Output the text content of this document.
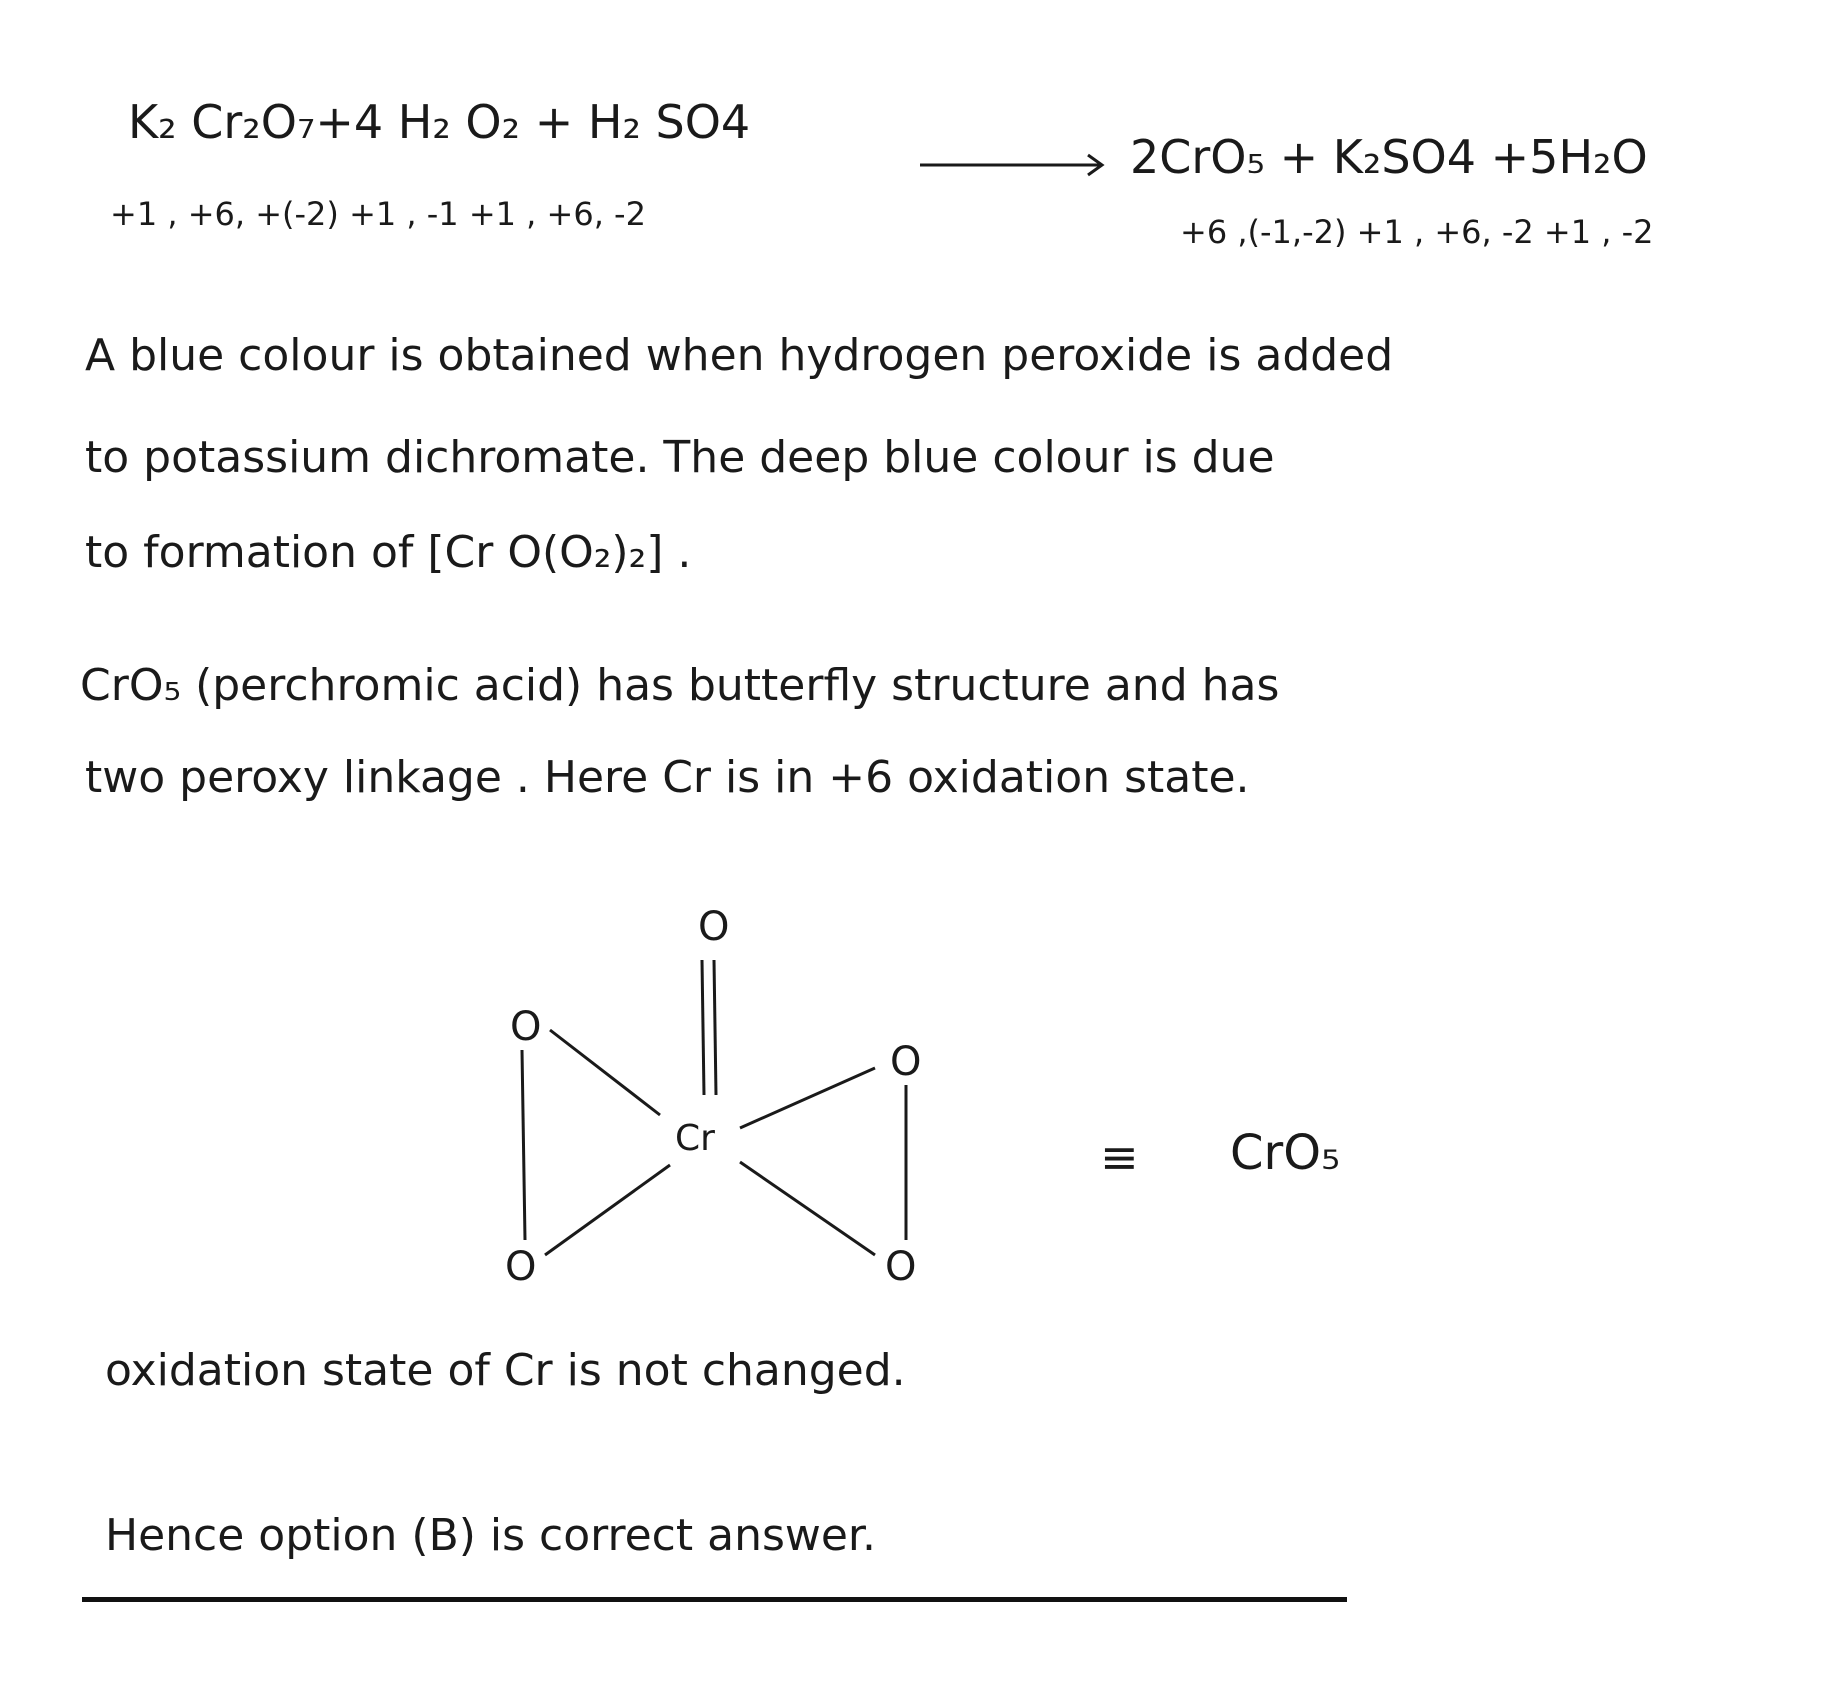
K₂ Cr₂O₇+4 H₂ O₂ + H₂ SO4
2CrO₅ + K₂SO4 +5H₂O
+1 , +6, +(-2) +1 , -1 +1 , +6, -2	+6 ,(-1,-2) +1 , +6, -2 +1 , -2
A blue colour is obtained when hydrogen peroxide is added
to potassium dichromate. The deep blue colour is due
to formation of [Cr O(O₂)₂] .
CrO₅ (perchromic acid) has butterfly structure and has
two peroxy linkage . Here Cr is in +6 oxidation state.
O
Cr
O
O
O	O
≡ CrO₅
oxidation state of Cr is not changed.
Hence option (B) is correct answer.
